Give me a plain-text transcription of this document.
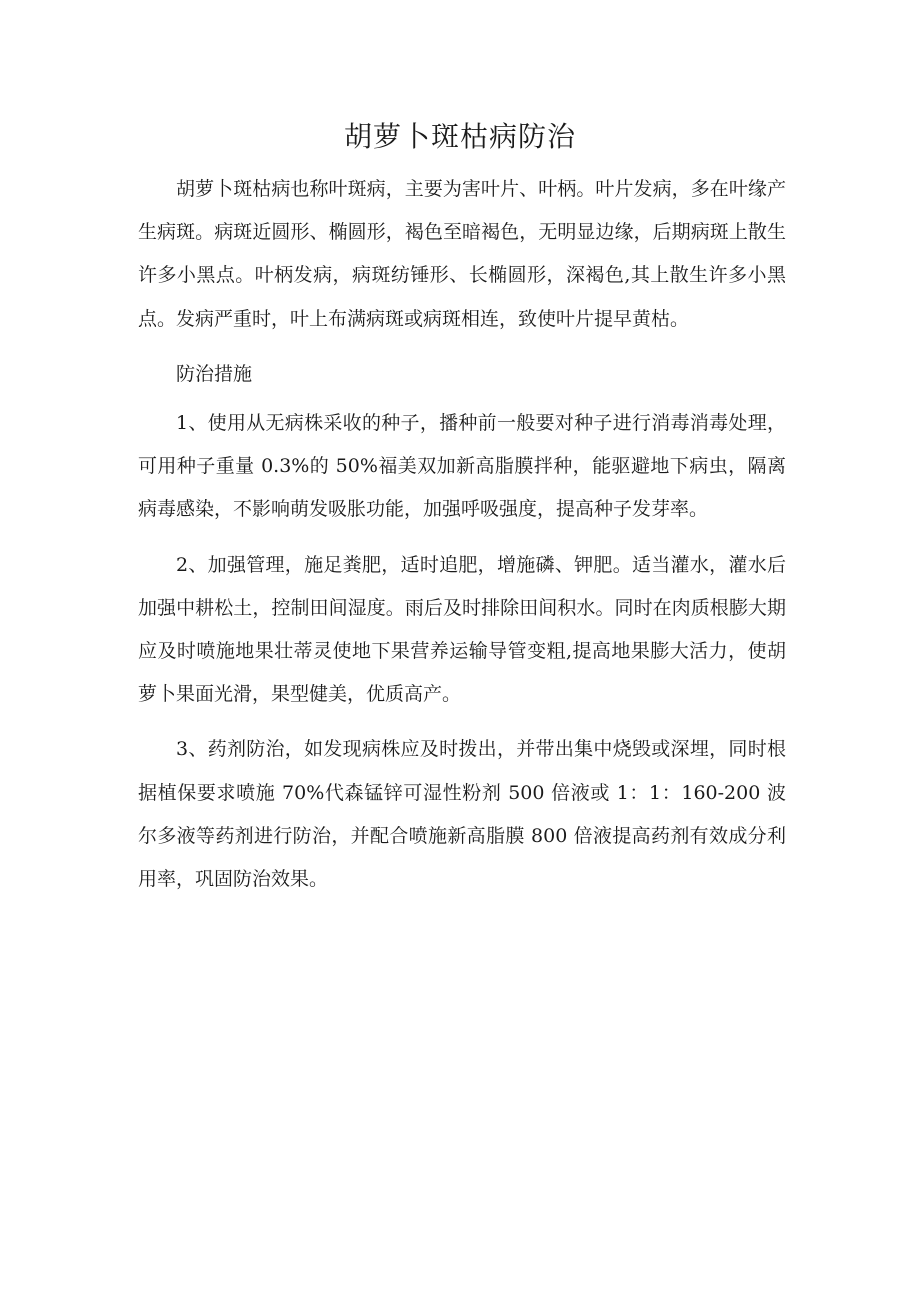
胡萝卜斑枯病防治

胡萝卜斑枯病也称叶斑病，主要为害叶片、叶柄。叶片发病，多在叶缘产生病斑。病斑近圆形、椭圆形，褐色至暗褐色，无明显边缘，后期病斑上散生许多小黑点。叶柄发病，病斑纺锤形、长椭圆形，深褐色,其上散生许多小黑点。发病严重时，叶上布满病斑或病斑相连，致使叶片提早黄枯。

防治措施

1、使用从无病株采收的种子，播种前一般要对种子进行消毒消毒处理，可用种子重量 0.3%的 50%福美双加新高脂膜拌种，能驱避地下病虫，隔离病毒感染，不影响萌发吸胀功能，加强呼吸强度，提高种子发芽率。

2、加强管理，施足粪肥，适时追肥，增施磷、钾肥。适当灌水，灌水后加强中耕松土，控制田间湿度。雨后及时排除田间积水。同时在肉质根膨大期应及时喷施地果壮蒂灵使地下果营养运输导管变粗,提高地果膨大活力，使胡萝卜果面光滑，果型健美，优质高产。

3、药剂防治，如发现病株应及时拨出，并带出集中烧毁或深埋，同时根据植保要求喷施 70%代森锰锌可湿性粉剂 500 倍液或 1：1：160-200 波尔多液等药剂进行防治，并配合喷施新高脂膜 800 倍液提高药剂有效成分利用率，巩固防治效果。
